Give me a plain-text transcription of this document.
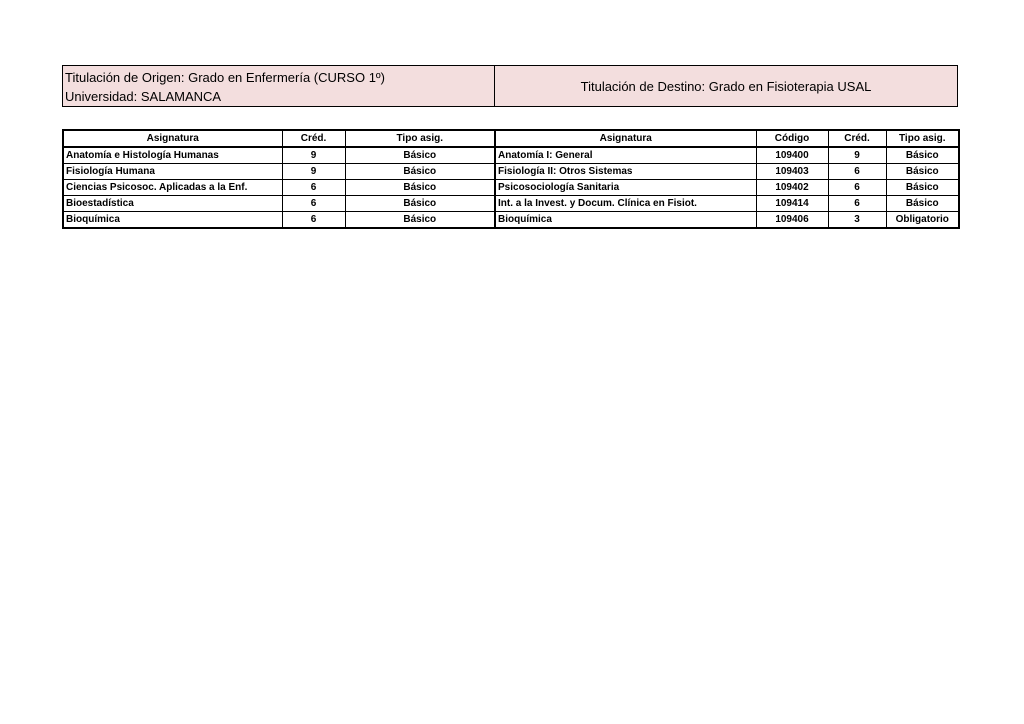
Titulación de Origen: Grado en Enfermería (CURSO 1º)
Universidad: SALAMANCA
Titulación de Destino: Grado en Fisioterapia USAL
Asignatura	Créd.	Tipo asig.	Asignatura	Código	Créd.	Tipo asig.
Anatomía e Histología Humanas	9	Básico	Anatomía I: General	109400	9	Básico
Fisiología Humana	9	Básico	Fisiología II: Otros Sistemas	109403	6	Básico
Ciencias Psicosoc. Aplicadas a la Enf.	6	Básico	Psicosociología Sanitaria	109402	6	Básico
Bioestadística	6	Básico	Int. a la Invest. y Docum. Clínica en Fisiot.	109414	6	Básico
Bioquímica	6	Básico	Bioquímica	109406	3	Obligatorio
